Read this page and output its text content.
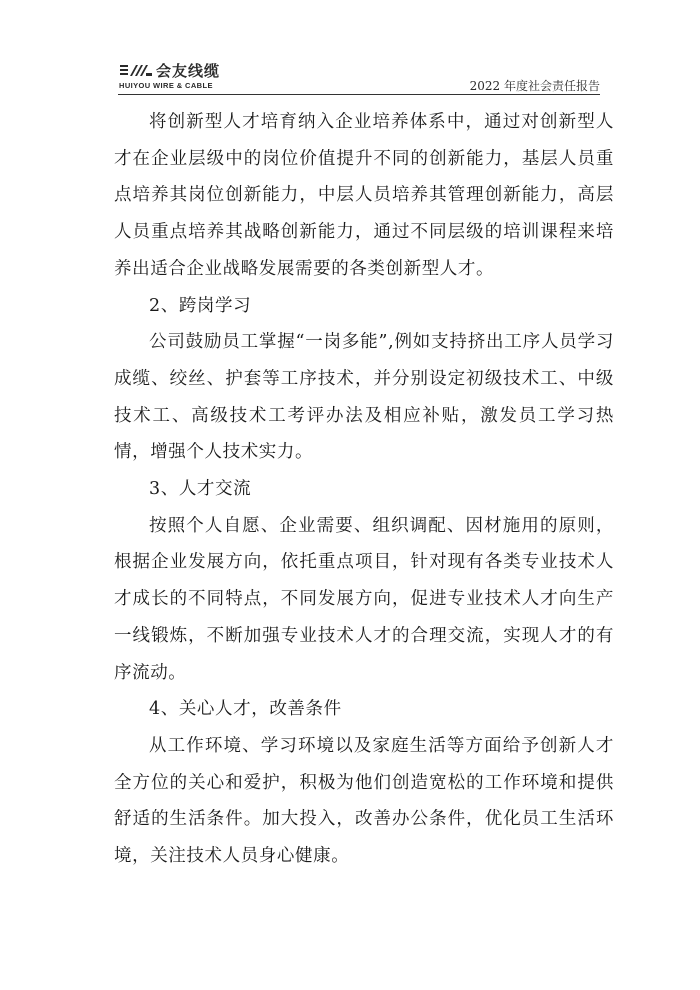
会友线缆
HUIYOU WIRE & CABLE	2022 年度社会责任报告

将创新型人才培育纳入企业培养体系中，通过对创新型人才在企业层级中的岗位价值提升不同的创新能力，基层人员重点培养其岗位创新能力，中层人员培养其管理创新能力，高层人员重点培养其战略创新能力，通过不同层级的培训课程来培养出适合企业战略发展需要的各类创新型人才。

2、跨岗学习

公司鼓励员工掌握“一岗多能”,例如支持挤出工序人员学习成缆、绞丝、护套等工序技术，并分别设定初级技术工、中级技术工、高级技术工考评办法及相应补贴，激发员工学习热情，增强个人技术实力。

3、人才交流

按照个人自愿、企业需要、组织调配、因材施用的原则，根据企业发展方向，依托重点项目，针对现有各类专业技术人才成长的不同特点，不同发展方向，促进专业技术人才向生产一线锻炼，不断加强专业技术人才的合理交流，实现人才的有序流动。

4、关心人才，改善条件

从工作环境、学习环境以及家庭生活等方面给予创新人才全方位的关心和爱护，积极为他们创造宽松的工作环境和提供舒适的生活条件。加大投入，改善办公条件，优化员工生活环境，关注技术人员身心健康。
